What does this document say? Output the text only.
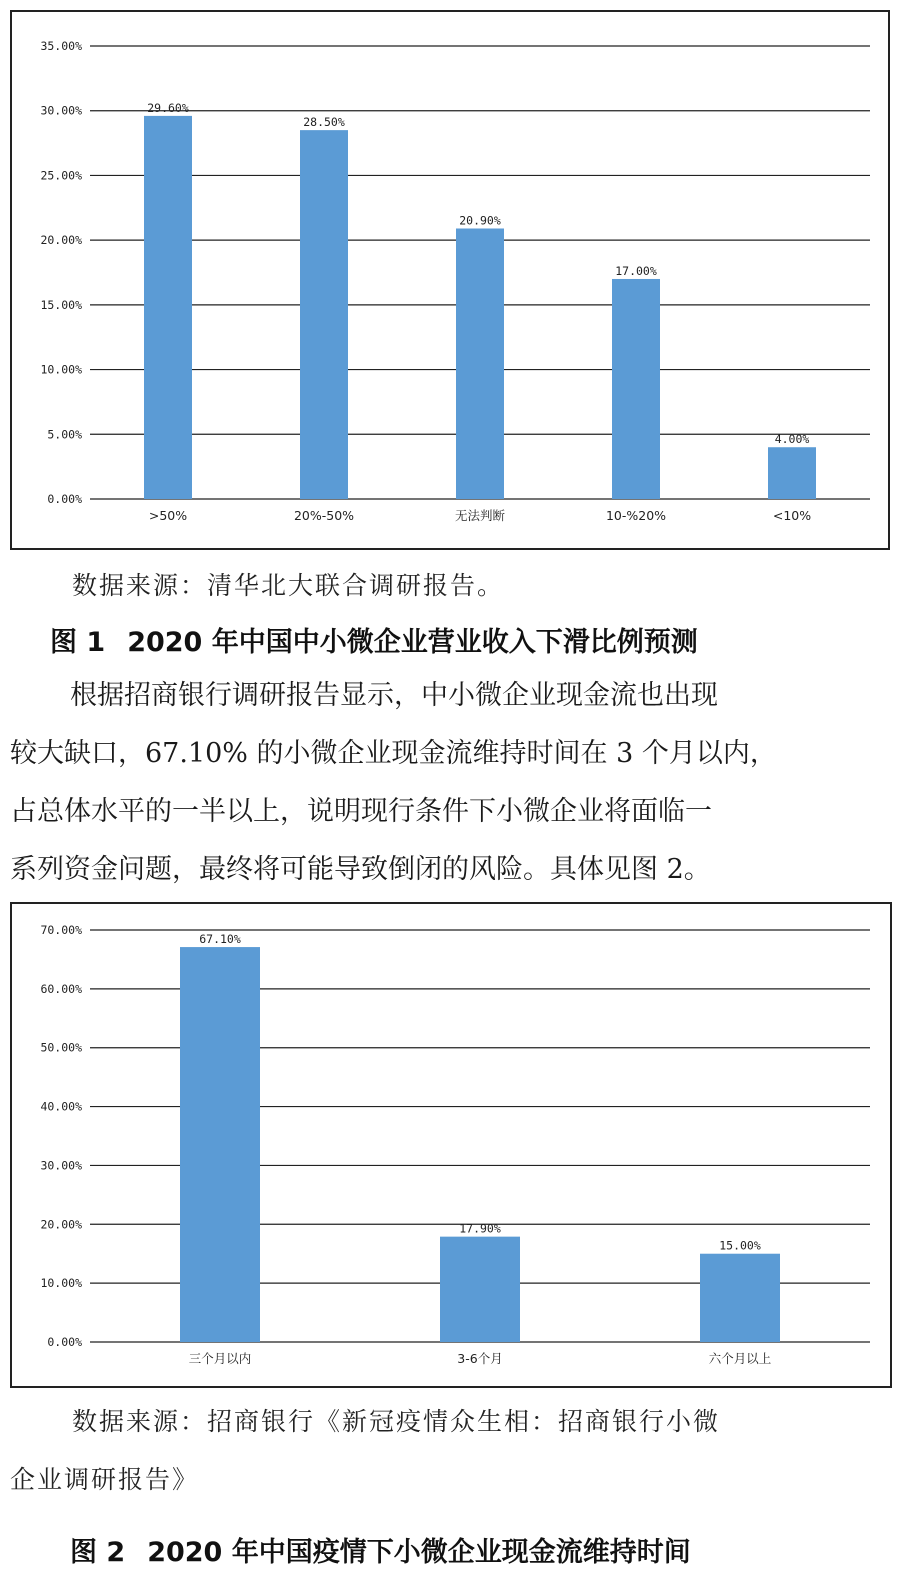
0.00%
5.00%
10.00%
15.00%
20.00%
25.00%
30.00%
35.00%
29.60%
>50%
28.50%
20%-50%
20.90%
无法判断
17.00%
10-%20%
4.00%
<10%
数据来源：清华北大联合调研报告。
图 1 2020 年中国中小微企业营业收入下滑比例预测
根据招商银行调研报告显示，中小微企业现金流也出现
较大缺口，67.10% 的小微企业现金流维持时间在 3 个月以内，
占总体水平的一半以上，说明现行条件下小微企业将面临一
系列资金问题，最终将可能导致倒闭的风险。具体见图 2。
0.00%
10.00%
20.00%
30.00%
40.00%
50.00%
60.00%
70.00%
67.10%
三个月以内
17.90%
3-6个月
15.00%
六个月以上
数据来源：招商银行《新冠疫情众生相：招商银行小微
企业调研报告》
图 2 2020 年中国疫情下小微企业现金流维持时间
